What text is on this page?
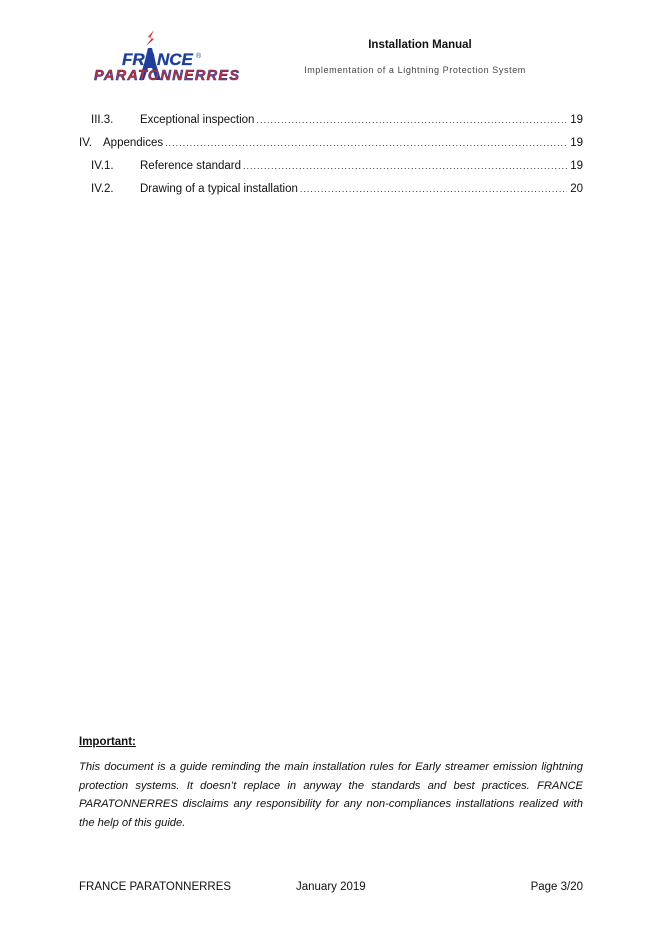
FRANCE ®
PARATONNERRES
Installation Manual
Implementation of a Lightning Protection System
III.3.	Exceptional inspection .....	19
IV. Appendices .....	19
IV.1.	Reference standard .....	19
IV.2.	Drawing of a typical installation .....	20

Important:

This document is a guide reminding the main installation rules for Early streamer emission lightning protection systems. It doesn’t replace in anyway the standards and best practices. FRANCE PARATONNERRES disclaims any responsibility for any non-compliances installations realized with the help of this guide.

FRANCE PARATONNERRES	January 2019	Page 3/20
